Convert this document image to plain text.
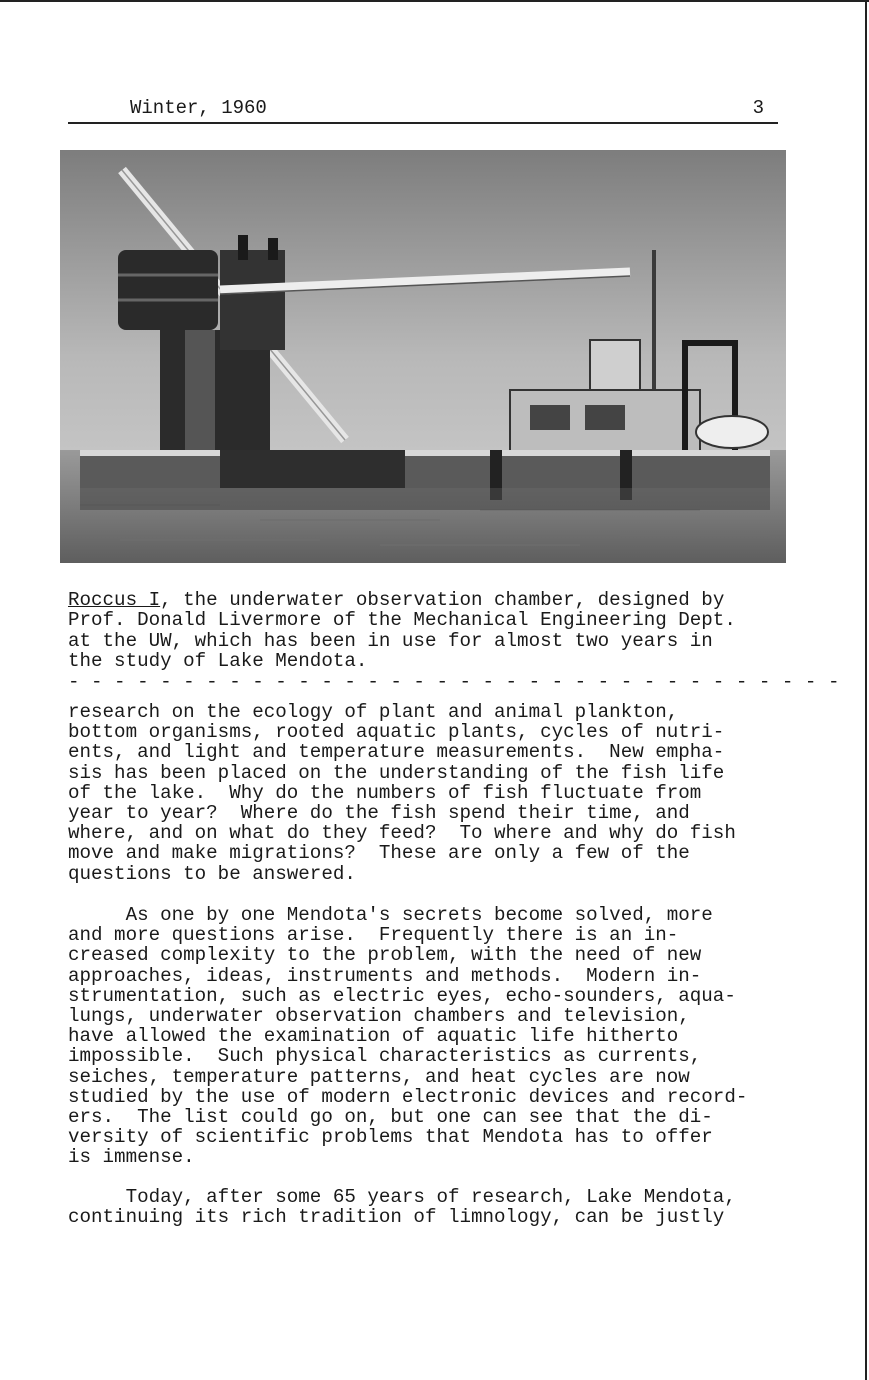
Winter, 1960	3
Roccus I, the underwater observation chamber, designed by
Prof. Donald Livermore of the Mechanical Engineering Dept.
at the UW, which has been in use for almost two years in
the study of Lake Mendota.
- - - - - - - - - - - - - - - - - - - - - - - - - - - - - - - - - -
research on the ecology of plant and animal plankton,
bottom organisms, rooted aquatic plants, cycles of nutri-
ents, and light and temperature measurements.  New empha-
sis has been placed on the understanding of the fish life
of the lake.  Why do the numbers of fish fluctuate from
year to year?  Where do the fish spend their time, and
where, and on what do they feed?  To where and why do fish
move and make migrations?  These are only a few of the
questions to be answered.
As one by one Mendota's secrets become solved, more
and more questions arise.  Frequently there is an in-
creased complexity to the problem, with the need of new
approaches, ideas, instruments and methods.  Modern in-
strumentation, such as electric eyes, echo-sounders, aqua-
lungs, underwater observation chambers and television,
have allowed the examination of aquatic life hitherto
impossible.  Such physical characteristics as currents,
seiches, temperature patterns, and heat cycles are now
studied by the use of modern electronic devices and record-
ers.  The list could go on, but one can see that the di-
versity of scientific problems that Mendota has to offer
is immense.
Today, after some 65 years of research, Lake Mendota,
continuing its rich tradition of limnology, can be justly
